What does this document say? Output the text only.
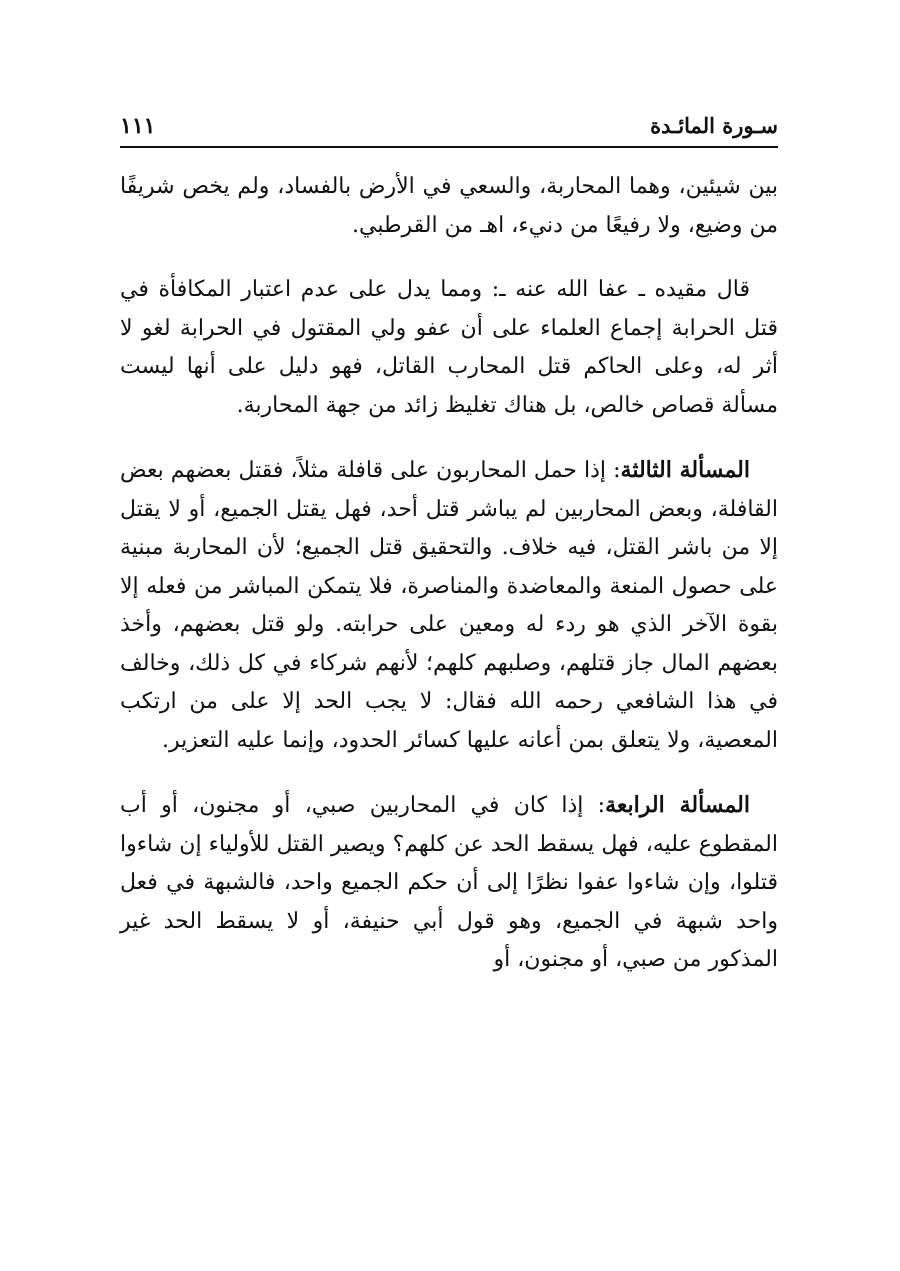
سـورة المائـدة
١١١

بين شيئين، وهما المحاربة، والسعي في الأرض بالفساد، ولم يخص شريفًا من وضيع، ولا رفيعًا من دنيء، اهـ من القرطبي.

قال مقيده ـ عفا الله عنه ـ: ومما يدل على عدم اعتبار المكافأة في قتل الحرابة إجماع العلماء على أن عفو ولي المقتول في الحرابة لغو لا أثر له، وعلى الحاكم قتل المحارب القاتل، فهو دليل على أنها ليست مسألة قصاص خالص، بل هناك تغليظ زائد من جهة المحاربة.

المسألة الثالثة: إذا حمل المحاربون على قافلة مثلاً، فقتل بعضهم بعض القافلة، وبعض المحاربين لم يباشر قتل أحد، فهل يقتل الجميع، أو لا يقتل إلا من باشر القتل، فيه خلاف. والتحقيق قتل الجميع؛ لأن المحاربة مبنية على حصول المنعة والمعاضدة والمناصرة، فلا يتمكن المباشر من فعله إلا بقوة الآخر الذي هو ردء له ومعين على حرابته. ولو قتل بعضهم، وأخذ بعضهم المال جاز قتلهم، وصلبهم كلهم؛ لأنهم شركاء في كل ذلك، وخالف في هذا الشافعي رحمه الله فقال: لا يجب الحد إلا على من ارتكب المعصية، ولا يتعلق بمن أعانه عليها كسائر الحدود، وإنما عليه التعزير.

المسألة الرابعة: إذا كان في المحاربين صبي، أو مجنون، أو أب المقطوع عليه، فهل يسقط الحد عن كلهم؟ ويصير القتل للأولياء إن شاءوا قتلوا، وإن شاءوا عفوا نظرًا إلى أن حكم الجميع واحد، فالشبهة في فعل واحد شبهة في الجميع، وهو قول أبي حنيفة، أو لا يسقط الحد غير المذكور من صبي، أو مجنون، أو
